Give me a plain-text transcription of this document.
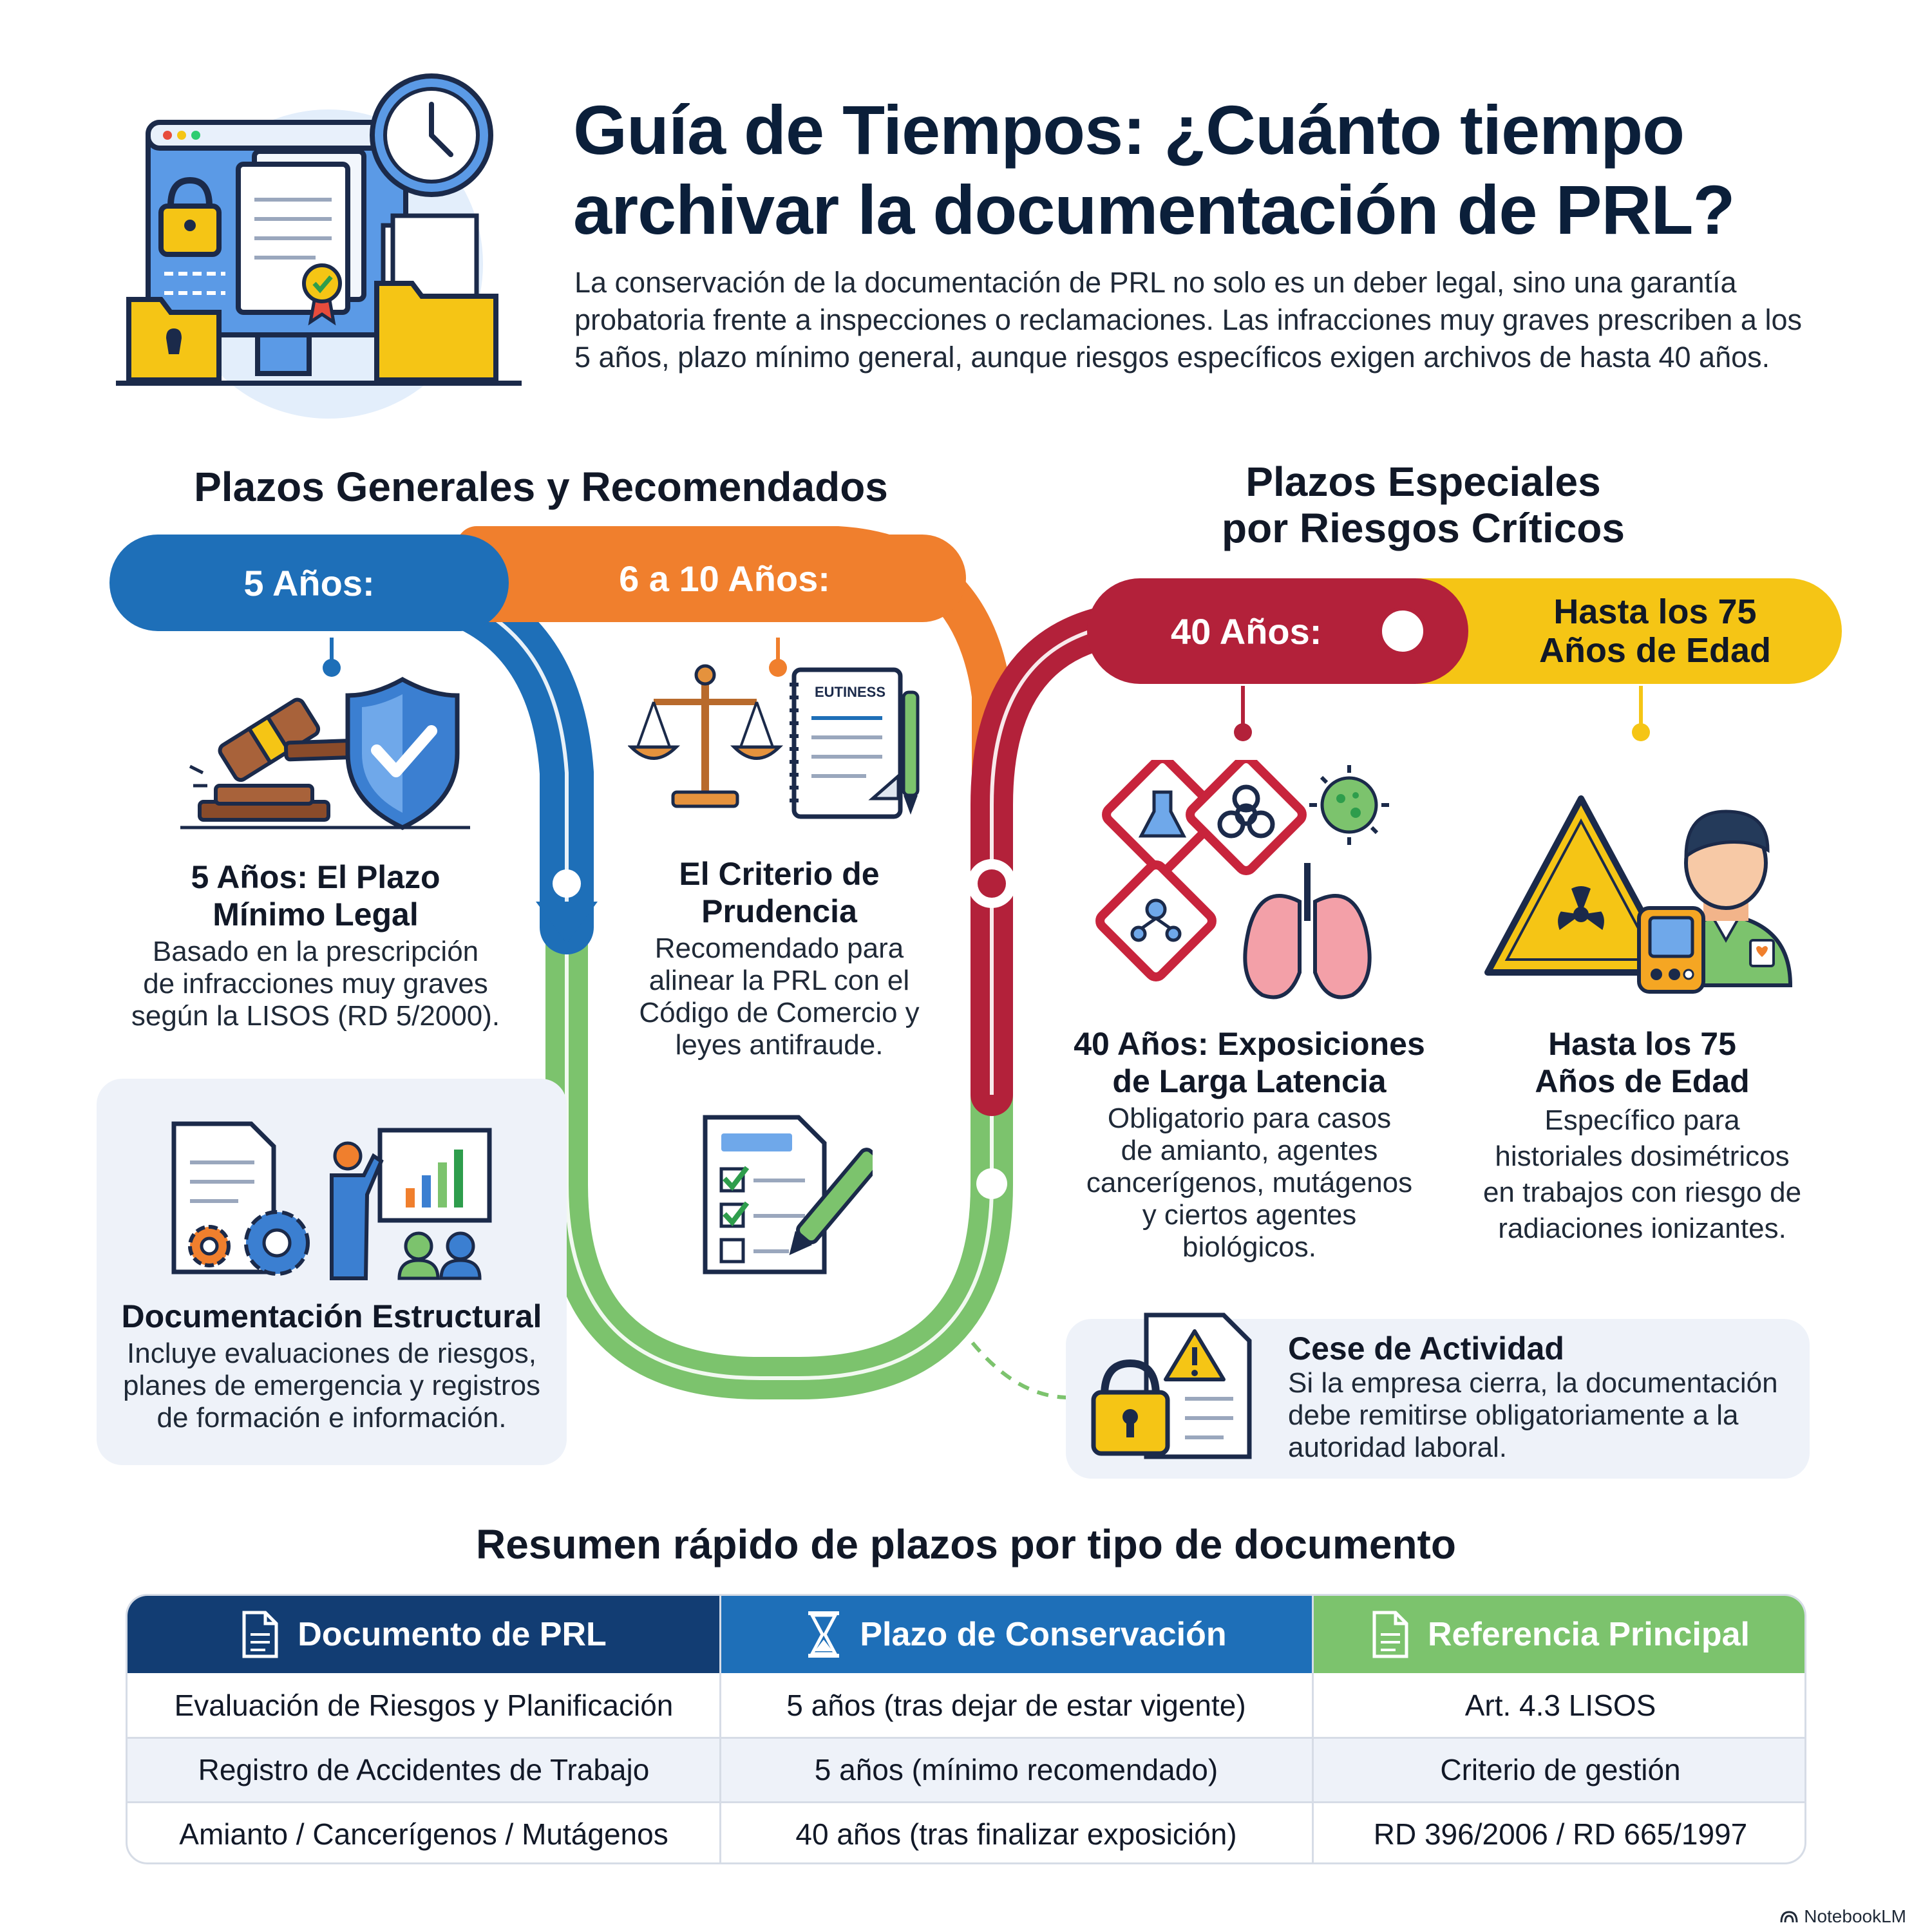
Guía de Tiempos: ¿Cuánto tiempo
archivar la documentación de PRL?
La conservación de la documentación de PRL no solo es un deber legal, sino una garantía
probatoria frente a inspecciones o reclamaciones. Las infracciones muy graves prescriben a los
5 años, plazo mínimo general, aunque riesgos específicos exigen archivos de hasta 40 años.
Plazos Generales y Recomendados	Plazos Especiales
por Riesgos Críticos
6 a 10 Años:
5 Años:
Hasta los 75
Años de Edad
40 Años:
5 Años: El Plazo
Mínimo Legal
Basado en la prescripción
de infracciones muy graves
según la LISOS (RD 5/2000).
EUTINESS
El Criterio de
Prudencia
Recomendado para
alinear la PRL con el
Código de Comercio y
leyes antifraude.
Documentación Estructural
Incluye evaluaciones de riesgos,
planes de emergencia y registros
de formación e información.
40 Años: Exposiciones
de Larga Latencia
Obligatorio para casos
de amianto, agentes
cancerígenos, mutágenos
y ciertos agentes
biológicos.
Hasta los 75
Años de Edad
Específico para
historiales dosimétricos
en trabajos con riesgo de
radiaciones ionizantes.
Cese de Actividad
Si la empresa cierra, la documentación
debe remitirse obligatoriamente a la
autoridad laboral.
Resumen rápido de plazos por tipo de documento
Documento de PRL	Plazo de Conservación	Referencia Principal
Evaluación de Riesgos y Planificación	5 años (tras dejar de estar vigente)	Art. 4.3 LISOS
Registro de Accidentes de Trabajo	5 años (mínimo recomendado)	Criterio de gestión
Amianto / Cancerígenos / Mutágenos	40 años (tras finalizar exposición)	RD 396/2006 / RD 665/1997
NotebookLM
